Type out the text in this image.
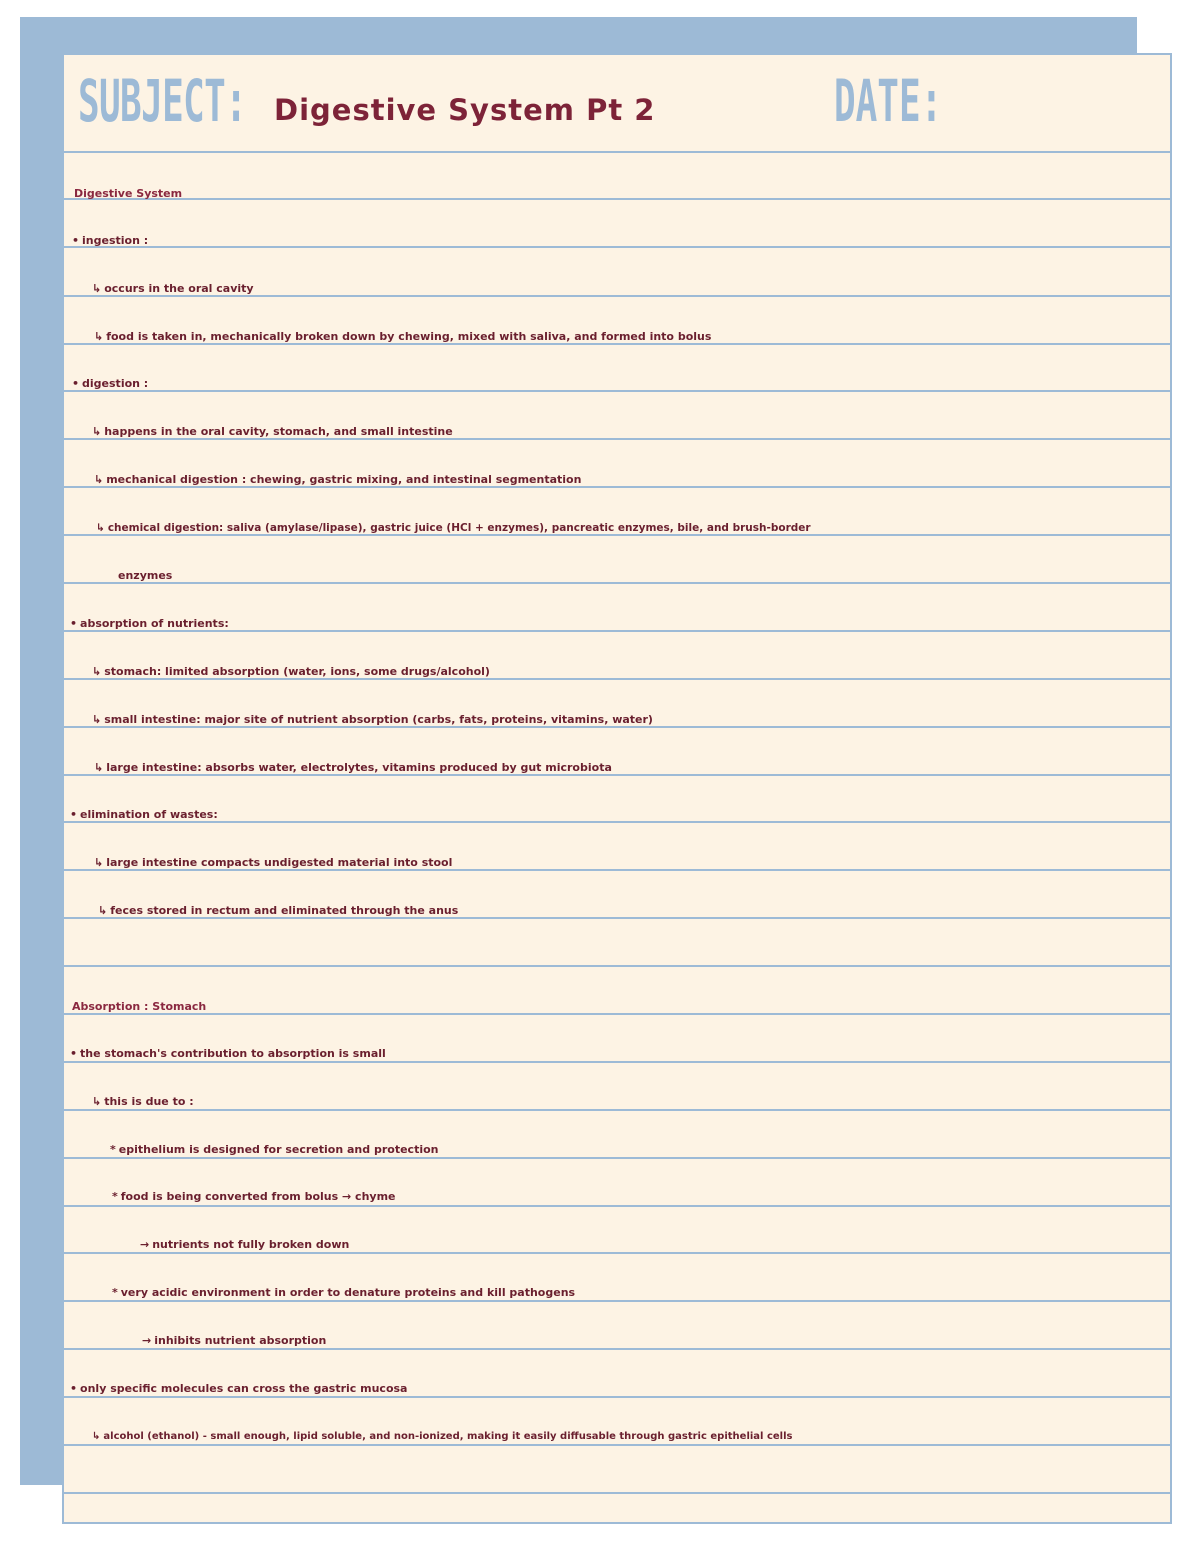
SUBJECT: Digestive System Pt 2	DATE:
Digestive System
• ingestion :
↳ occurs in the oral cavity
↳ food is taken in, mechanically broken down by chewing, mixed with saliva, and formed into bolus
• digestion :
↳ happens in the oral cavity, stomach, and small intestine
↳ mechanical digestion : chewing, gastric mixing, and intestinal segmentation
↳ chemical digestion: saliva (amylase/lipase), gastric juice (HCl + enzymes), pancreatic enzymes, bile, and brush-border
enzymes
• absorption of nutrients:
↳ stomach: limited absorption (water, ions, some drugs/alcohol)
↳ small intestine: major site of nutrient absorption (carbs, fats, proteins, vitamins, water)
↳ large intestine: absorbs water, electrolytes, vitamins produced by gut microbiota
• elimination of wastes:
↳ large intestine compacts undigested material into stool
↳ feces stored in rectum and eliminated through the anus
Absorption : Stomach
• the stomach's contribution to absorption is small
↳ this is due to :
* epithelium is designed for secretion and protection
* food is being converted from bolus → chyme
→ nutrients not fully broken down
* very acidic environment in order to denature proteins and kill pathogens
→ inhibits nutrient absorption
• only specific molecules can cross the gastric mucosa
↳ alcohol (ethanol) - small enough, lipid soluble, and non-ionized, making it easily diffusable through gastric epithelial cells
